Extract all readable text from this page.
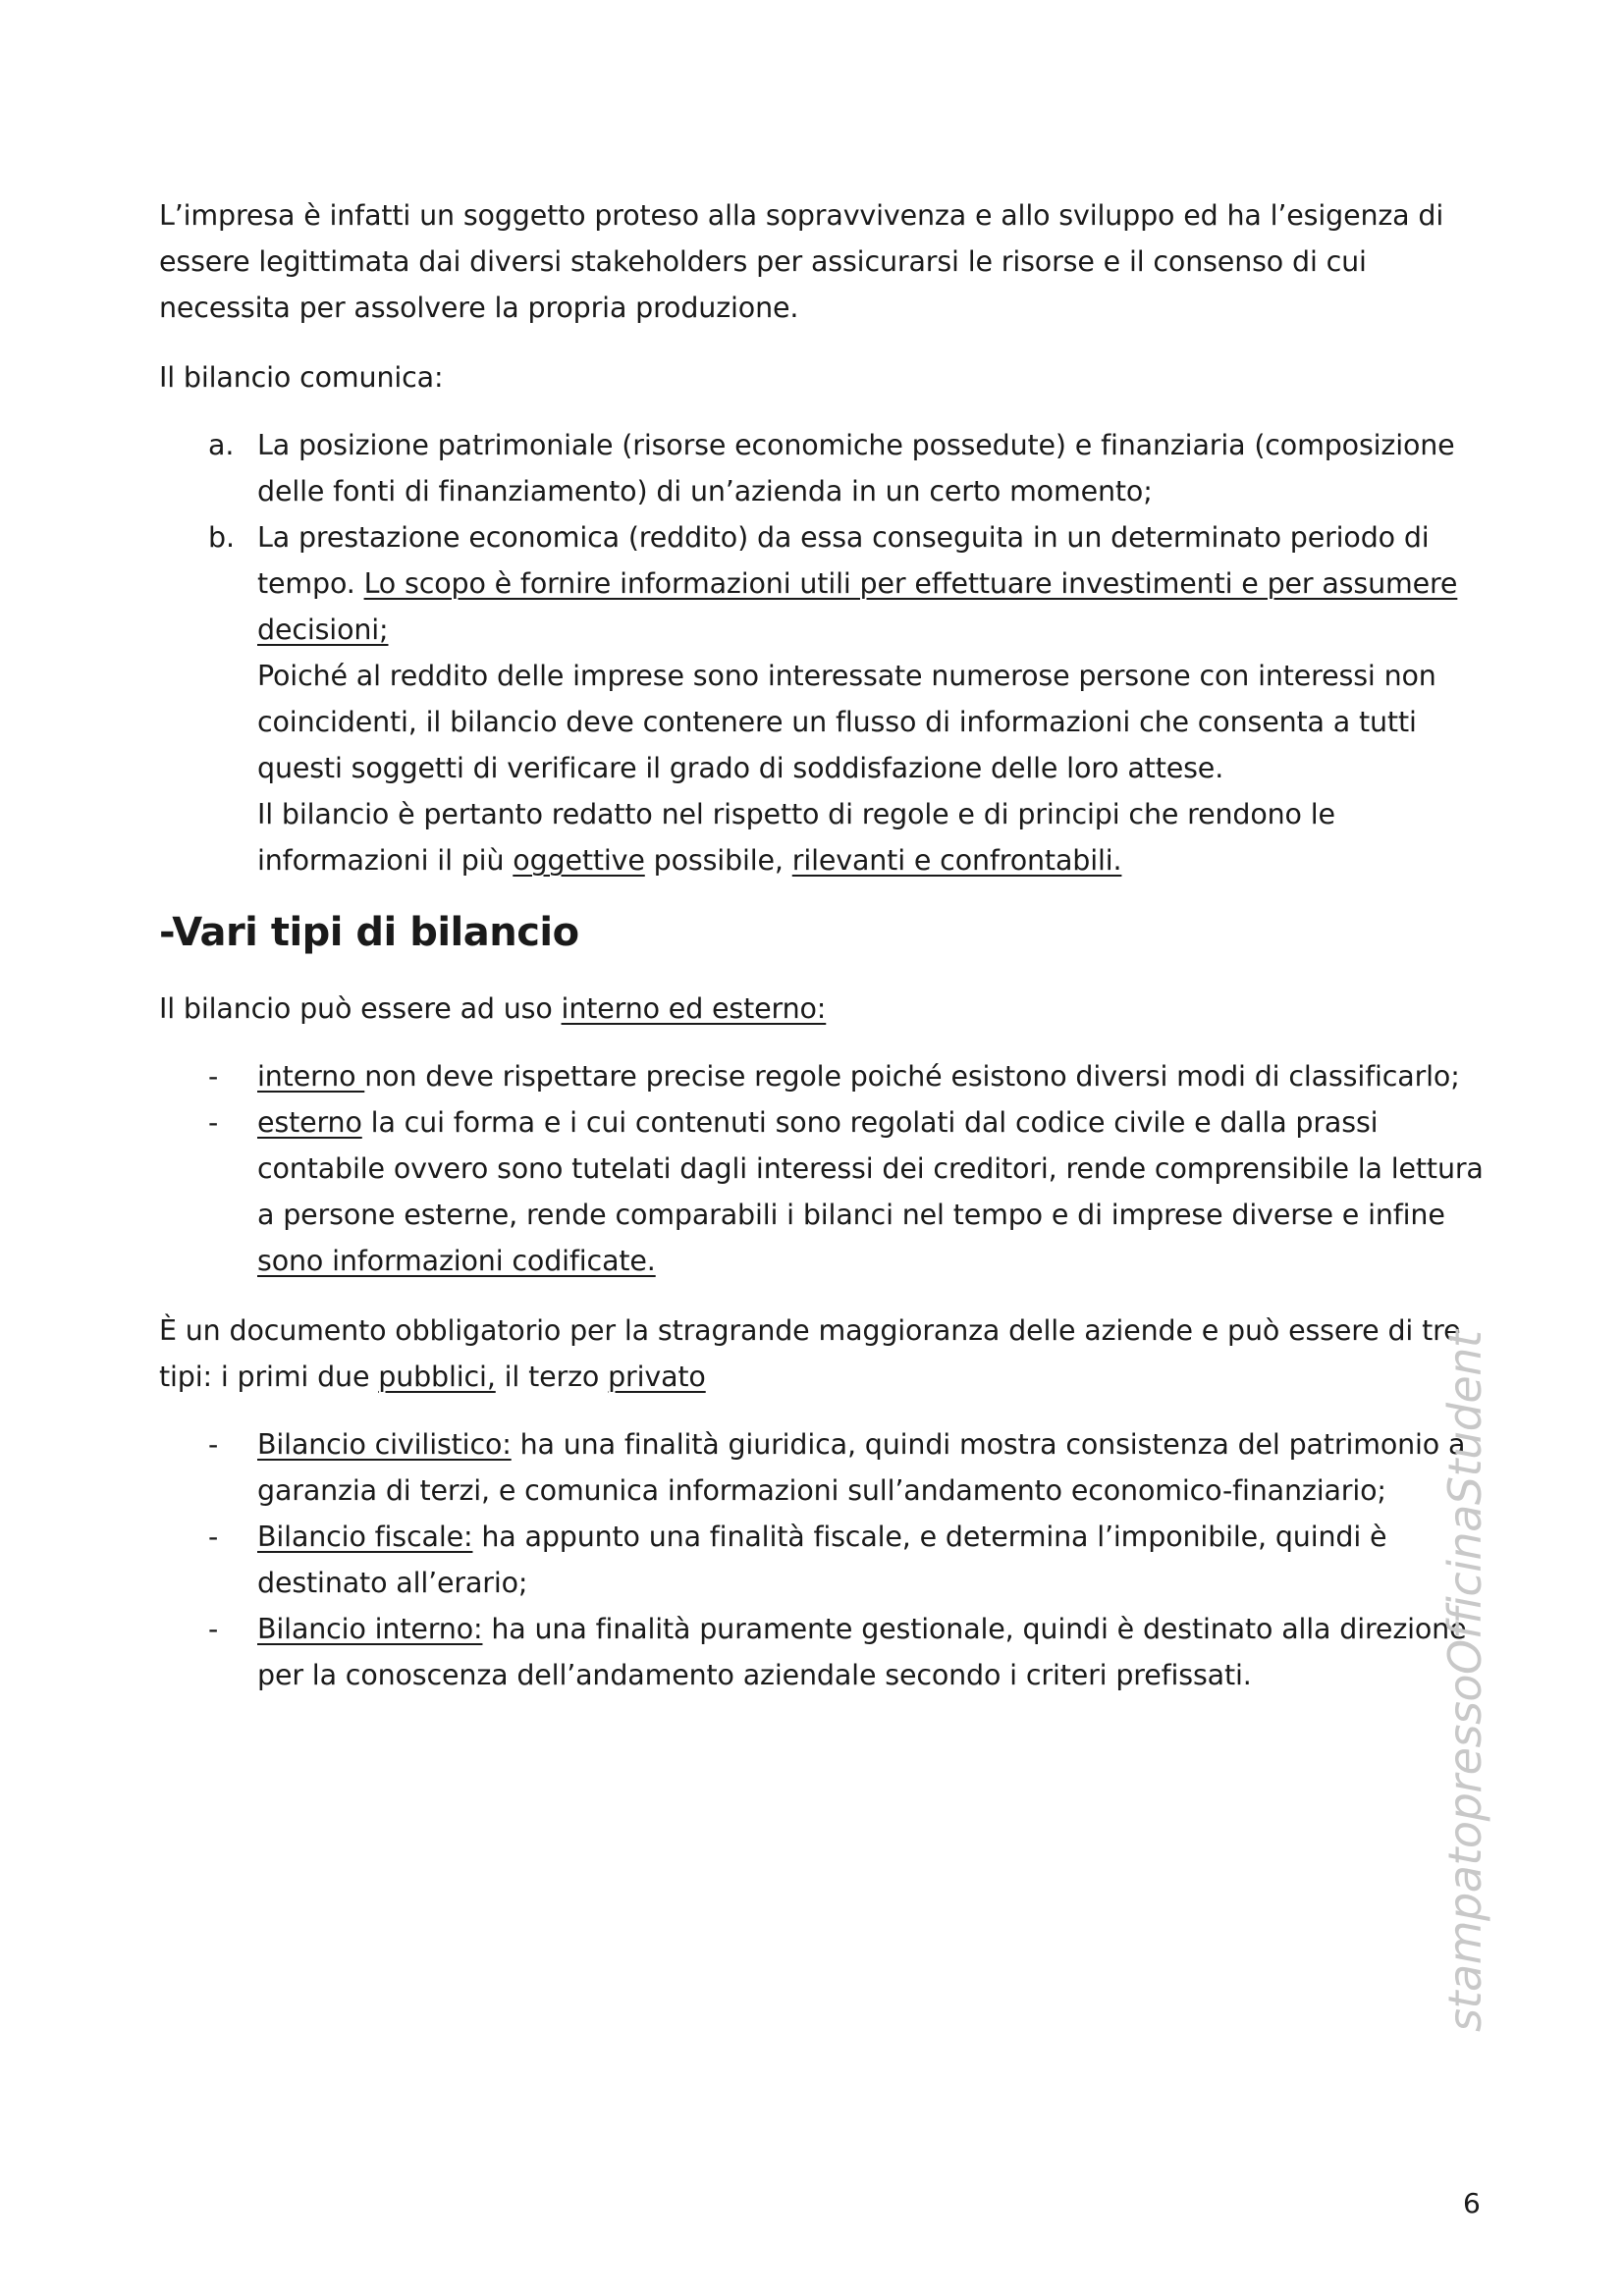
L’impresa è infatti un soggetto proteso alla sopravvivenza e allo sviluppo ed ha l’esigenza di essere legittimata dai diversi stakeholders per assicurarsi le risorse e il consenso di cui necessita per assolvere la propria produzione.

Il bilancio comunica:

a. La posizione patrimoniale (risorse economiche possedute) e finanziaria (composizione delle fonti di finanziamento) di un’azienda in un certo momento;
b. La prestazione economica (reddito) da essa conseguita in un determinato periodo di tempo. Lo scopo è fornire informazioni utili per effettuare investimenti e per assumere decisioni;
Poiché al reddito delle imprese sono interessate numerose persone con interessi non coincidenti, il bilancio deve contenere un flusso di informazioni che consenta a tutti questi soggetti di verificare il grado di soddisfazione delle loro attese.
Il bilancio è pertanto redatto nel rispetto di regole e di principi che rendono le informazioni il più oggettive possibile, rilevanti e confrontabili.
-Vari tipi di bilancio

Il bilancio può essere ad uso interno ed esterno:

- interno non deve rispettare precise regole poiché esistono diversi modi di classificarlo;
- esterno la cui forma e i cui contenuti sono regolati dal codice civile e dalla prassi contabile ovvero sono tutelati dagli interessi dei creditori, rende comprensibile la lettura a persone esterne, rende comparabili i bilanci nel tempo e di imprese diverse e infine sono informazioni codificate.

È un documento obbligatorio per la stragrande maggioranza delle aziende e può essere di tre tipi: i primi due pubblici, il terzo privato

- Bilancio civilistico: ha una finalità giuridica, quindi mostra consistenza del patrimonio a garanzia di terzi, e comunica informazioni sull’andamento economico-finanziario;
- Bilancio fiscale: ha appunto una finalità fiscale, e determina l’imponibile, quindi è destinato all’erario;
- Bilancio interno: ha una finalità puramente gestionale, quindi è destinato alla direzione per la conoscenza dell’andamento aziendale secondo i criteri prefissati.	stampatopressoOfficinaStudent
6
